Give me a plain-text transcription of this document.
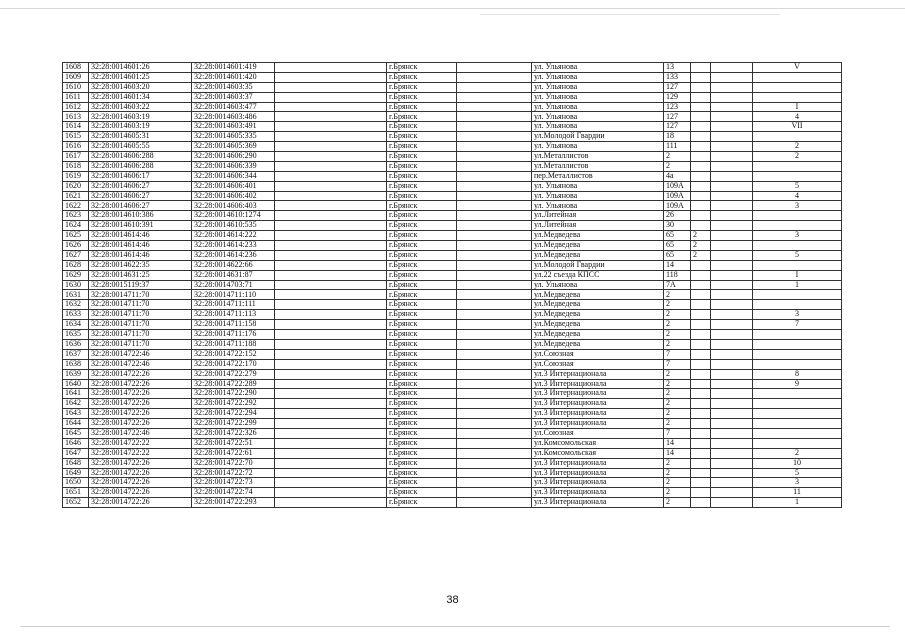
1608	32:28:0014601:26	32:28:0014601:419		г.Брянск		ул. Ульянова	13			V
1609	32:28:0014601:25	32:28:0014601:420		г.Брянск		ул. Ульянова	133			
1610	32:28:0014603:20	32:28:0014603:35		г.Брянск		ул. Ульянова	127			
1611	32:28:0014601:34	32:28:0014603:37		г.Брянск		ул. Ульянова	129			
1612	32:28:0014603:22	32:28:0014603:477		г.Брянск		ул. Ульянова	123			I
1613	32:28:0014603:19	32:28:0014603:486		г.Брянск		ул. Ульянова	127			4
1614	32:28:0014603:19	32:28:0014603:491		г.Брянск		ул. Ульянова	127			VII
1615	32:28:0014605:31	32:28:0014605:335		г.Брянск		ул.Молодой Гвардии	18			
1616	32:28:0014605:55	32:28:0014605:369		г.Брянск		ул. Ульянова	111			2
1617	32:28:0014606:288	32:28:0014606:290		г.Брянск		ул.Металлистов	2			2
1618	32:28:0014606:288	32:28:0014606:339		г.Брянск		ул.Металлистов	2			
1619	32:28:0014606:17	32:28:0014606:344		г.Брянск		пер.Металлистов	4а			
1620	32:28:0014606:27	32:28:0014606:401		г.Брянск		ул. Ульянова	109А			5
1621	32:28:0014606:27	32:28:0014606:402		г.Брянск		ул. Ульянова	109А			4
1622	32:28:0014606:27	32:28:0014606:403		г.Брянск		ул. Ульянова	109А			3
1623	32:28:0014610:386	32:28:0014610:1274		г.Брянск		ул.Литейная	26			
1624	32:28:0014610:391	32:28:0014610:535		г.Брянск		ул.Литейная	30			
1625	32:28:0014614:46	32:28:0014614:222		г.Брянск		ул.Медведева	65	2		3
1626	32:28:0014614:46	32:28:0014614:233		г.Брянск		ул.Медведева	65	2		
1627	32:28:0014614:46	32:28:0014614:236		г.Брянск		ул.Медведева	65	2		5
1628	32:28:0014622:35	32:28:0014622:66		г.Брянск		ул.Молодой Гвардии	14			
1629	32:28:0014631:25	32:28:0014631:87		г.Брянск		ул.22 съезда КПСС	118			I
1630	32:28:0015119:37	32:28:0014703:71		г.Брянск		ул. Ульянова	7А			1
1631	32:28:0014711:70	32:28:0014711:110		г.Брянск		ул.Медведева	2			
1632	32:28:0014711:70	32:28:0014711:111		г.Брянск		ул.Медведева	2			
1633	32:28:0014711:70	32:28:0014711:113		г.Брянск		ул.Медведева	2			3
1634	32:28:0014711:70	32:28:0014711:158		г.Брянск		ул.Медведева	2			7
1635	32:28:0014711:70	32:28:0014711:176		г.Брянск		ул.Медведева	2			
1636	32:28:0014711:70	32:28:0014711:188		г.Брянск		ул.Медведева	2			
1637	32:28:0014722:46	32:28:0014722:152		г.Брянск		ул.Союзная	7			
1638	32:28:0014722:46	32:28:0014722:170		г.Брянск		ул.Союзная	7			
1639	32:28:0014722:26	32:28:0014722:279		г.Брянск		ул.3 Интернационала	2			8
1640	32:28:0014722:26	32:28:0014722:289		г.Брянск		ул.3 Интернационала	2			9
1641	32:28:0014722:26	32:28:0014722:290		г.Брянск		ул.3 Интернационала	2			
1642	32:28:0014722:26	32:28:0014722:292		г.Брянск		ул.3 Интернационала	2			
1643	32:28:0014722:26	32:28:0014722:294		г.Брянск		ул.3 Интернационала	2			
1644	32:28:0014722:26	32:28:0014722:299		г.Брянск		ул.3 Интернационала	2			
1645	32:28:0014722:46	32:28:0014722:326		г.Брянск		ул.Союзная	7			
1646	32:28:0014722:22	32:28:0014722:51		г.Брянск		ул.Комсомольская	14			
1647	32:28:0014722:22	32:28:0014722:61		г.Брянск		ул.Комсомольская	14			2
1648	32:28:0014722:26	32:28:0014722:70		г.Брянск		ул.3 Интернационала	2			10
1649	32:28:0014722:26	32:28:0014722:72		г.Брянск		ул.3 Интернационала	2			5
1650	32:28:0014722:26	32:28:0014722:73		г.Брянск		ул.3 Интернационала	2			3
1651	32:28:0014722:26	32:28:0014722:74		г.Брянск		ул.3 Интернационала	2			11
1652	32:28:0014722:26	32:28:0014722:293		г.Брянск		ул.3 Интернационала	2			1
38
